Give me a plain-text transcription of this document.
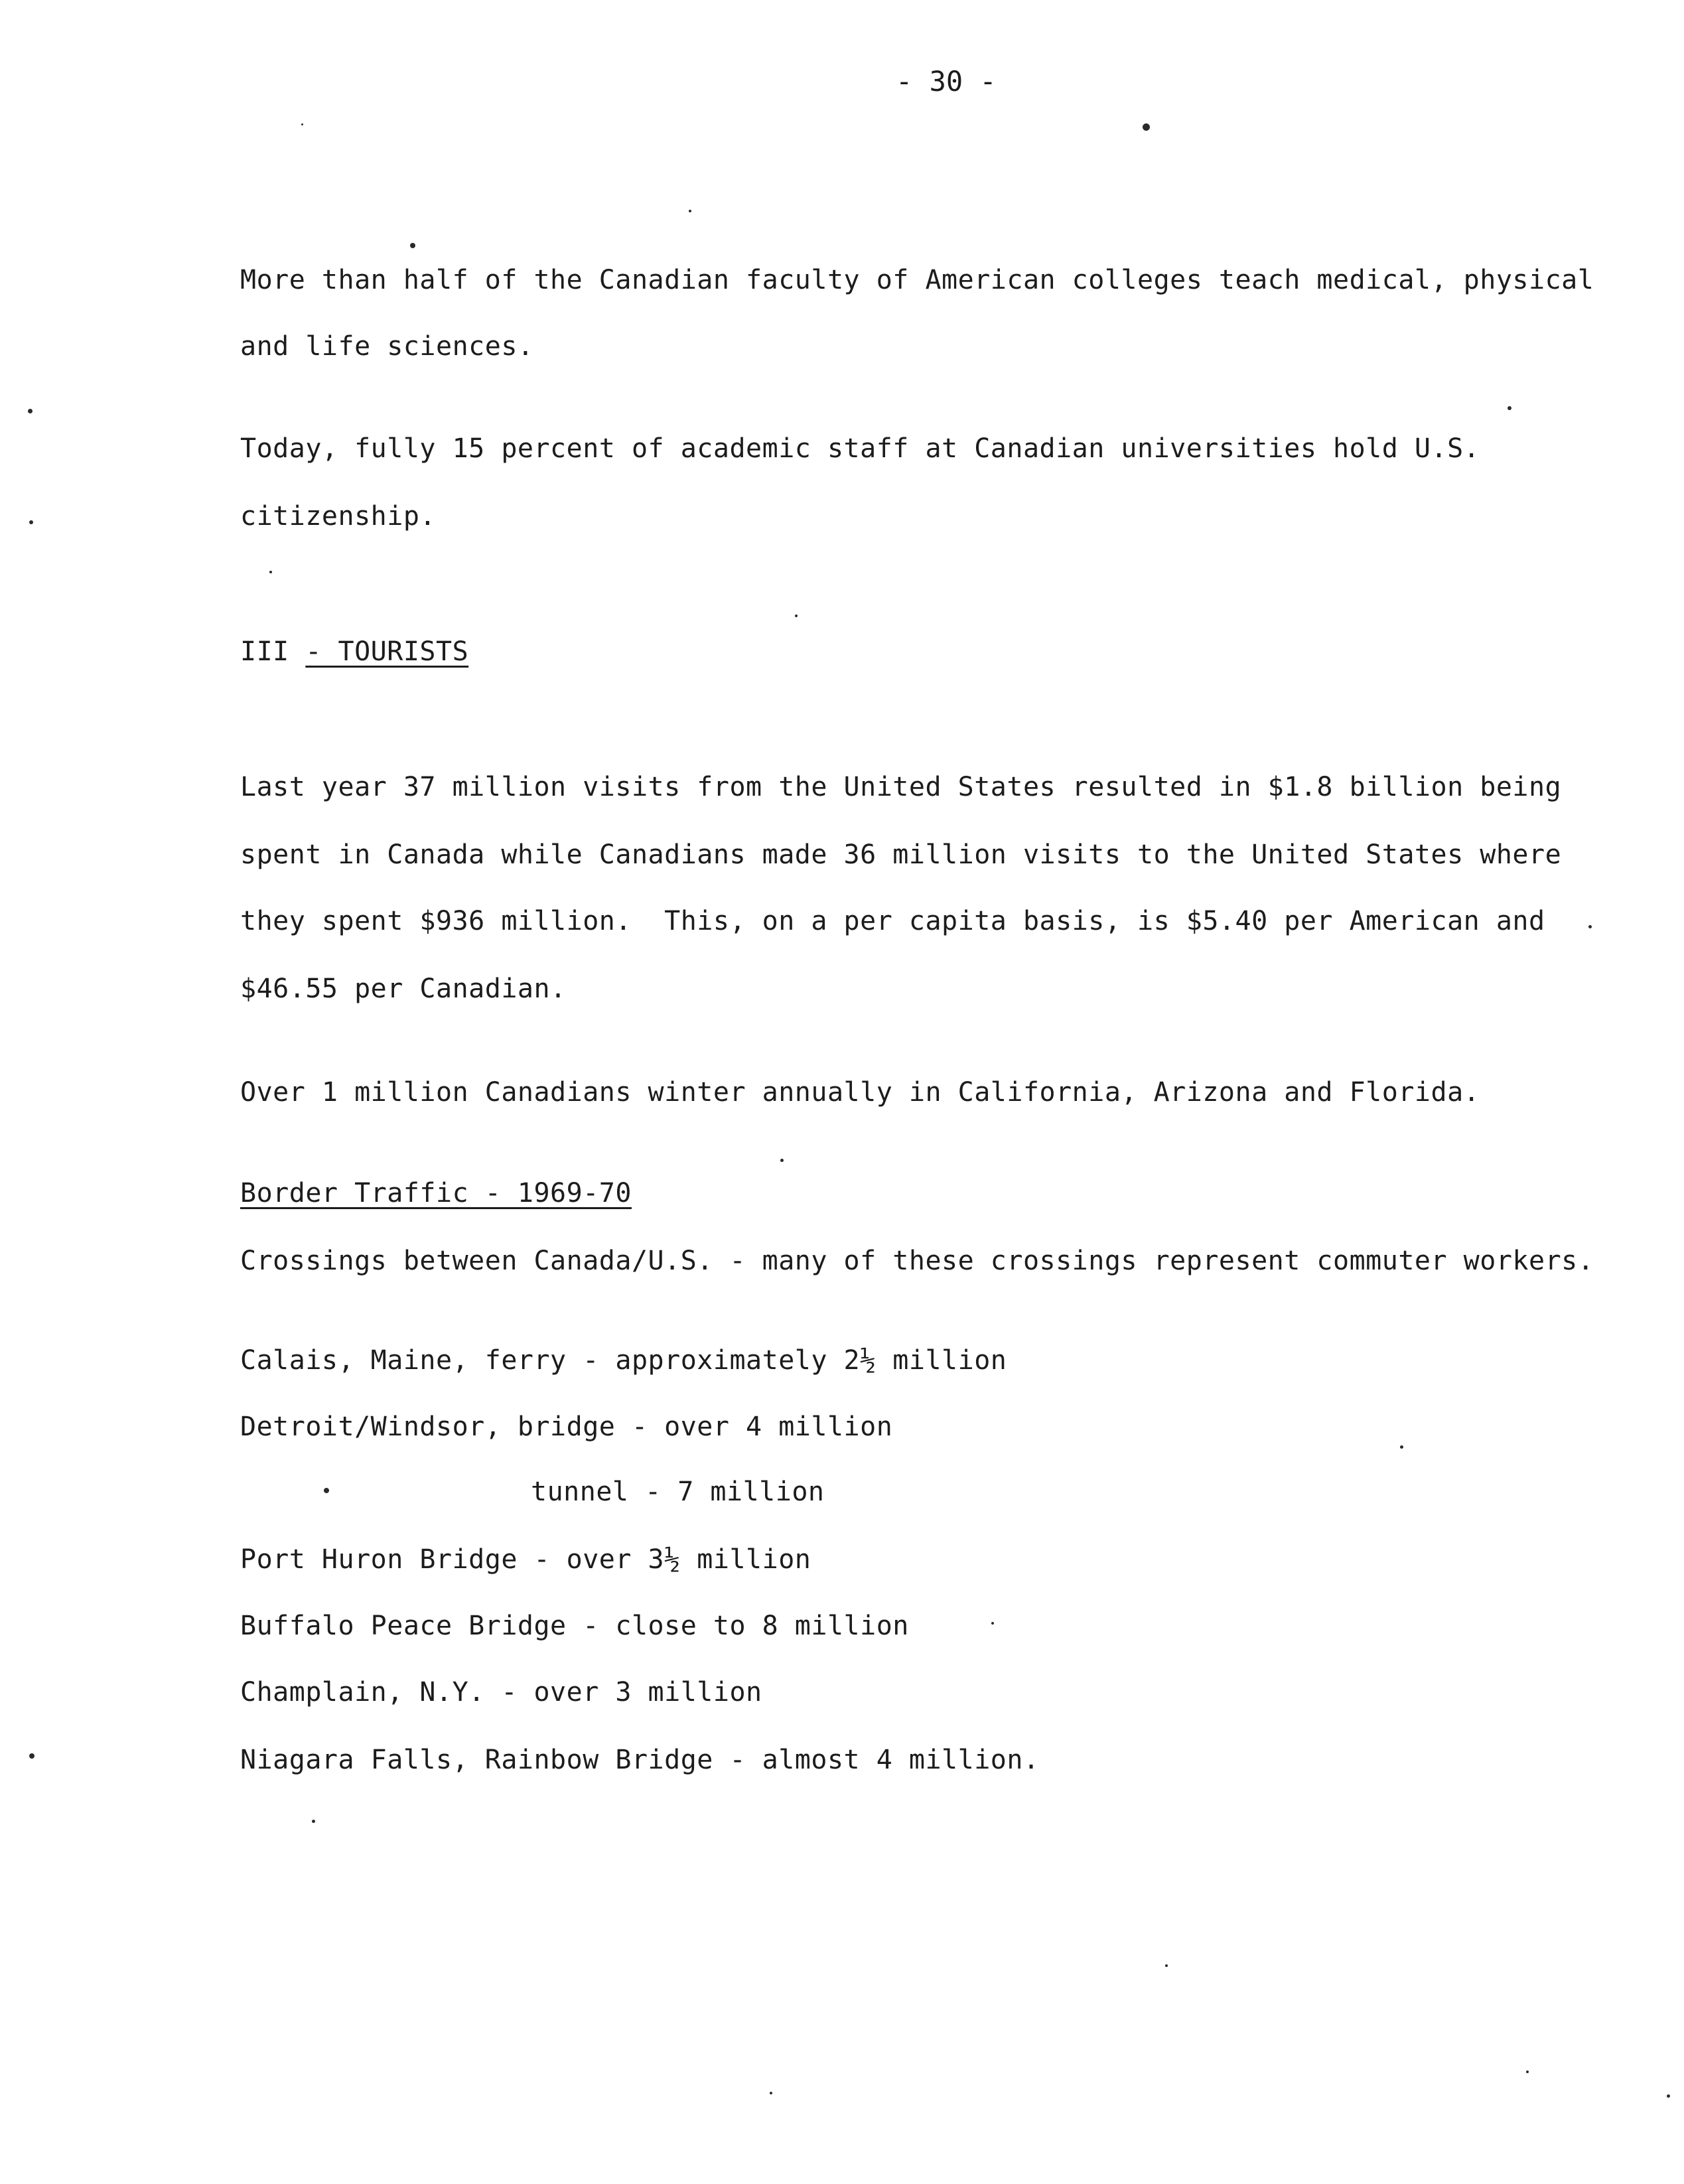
- 30 -
More than half of the Canadian faculty of American colleges teach medical, physical
and life sciences.
Today, fully 15 percent of academic staff at Canadian universities hold U.S.
citizenship.
III - TOURISTS
Last year 37 million visits from the United States resulted in $1.8 billion being
spent in Canada while Canadians made 36 million visits to the United States where
they spent $936 million.  This, on a per capita basis, is $5.40 per American and
$46.55 per Canadian.
Over 1 million Canadians winter annually in California, Arizona and Florida.
Border Traffic - 1969-70
Crossings between Canada/U.S. - many of these crossings represent commuter workers.
Calais, Maine, ferry - approximately 2½ million
Detroit/Windsor, bridge - over 4 million
tunnel - 7 million
Port Huron Bridge - over 3½ million
Buffalo Peace Bridge - close to 8 million
Champlain, N.Y. - over 3 million
Niagara Falls, Rainbow Bridge - almost 4 million.
